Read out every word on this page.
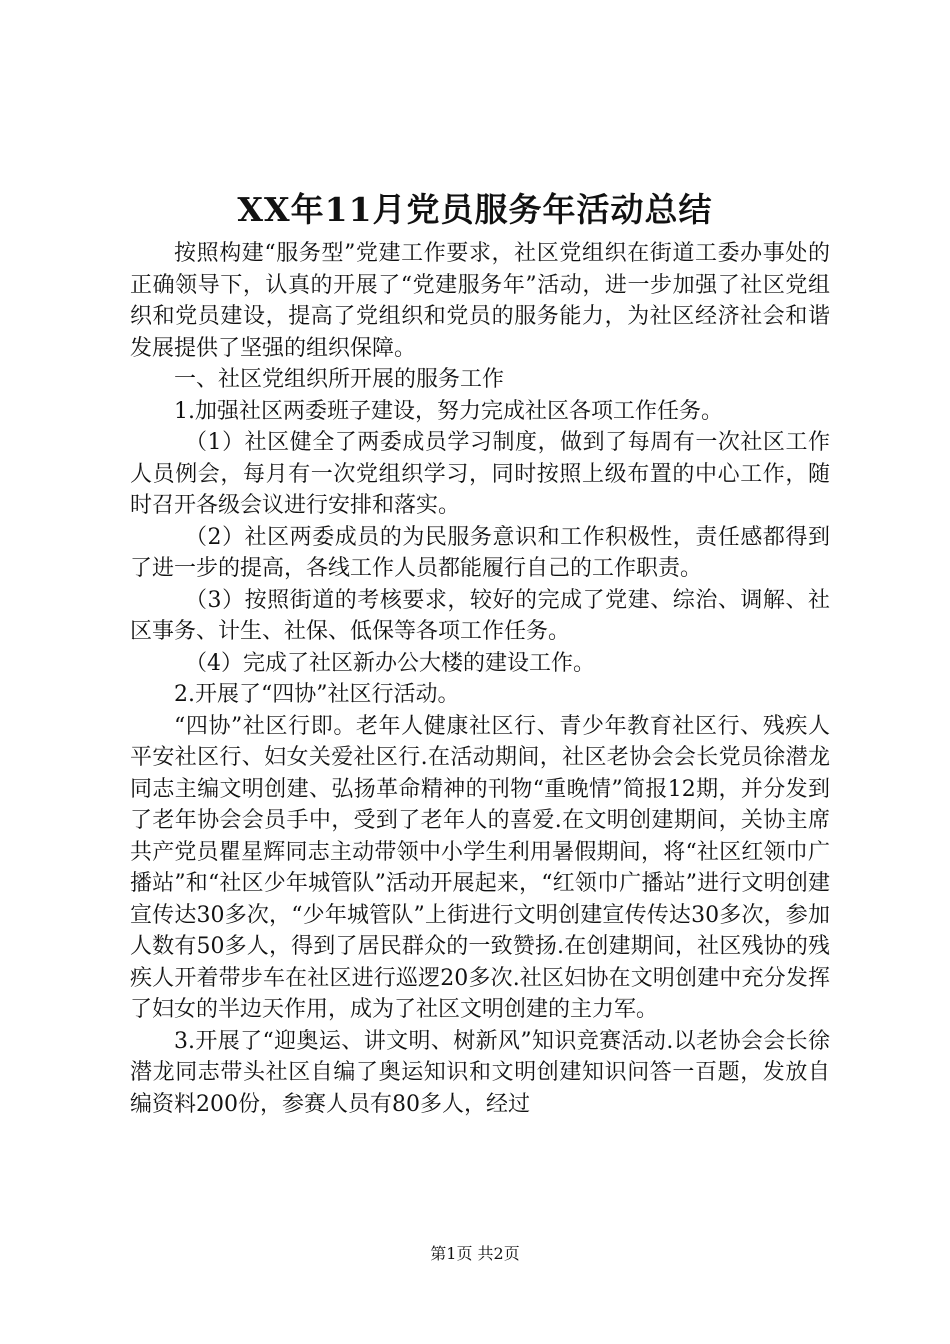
XX年11月党员服务年活动总结

按照构建“服务型”党建工作要求，社区党组织在街道工委办事处的正确领导下，认真的开展了“党建服务年”活动，进一步加强了社区党组织和党员建设，提高了党组织和党员的服务能力，为社区经济社会和谐发展提供了坚强的组织保障。

一、社区党组织所开展的服务工作

1.加强社区两委班子建设，努力完成社区各项工作任务。

（1）社区健全了两委成员学习制度，做到了每周有一次社区工作人员例会，每月有一次党组织学习，同时按照上级布置的中心工作，随时召开各级会议进行安排和落实。

（2）社区两委成员的为民服务意识和工作积极性，责任感都得到了进一步的提高，各线工作人员都能履行自己的工作职责。

（3）按照街道的考核要求，较好的完成了党建、综治、调解、社区事务、计生、社保、低保等各项工作任务。

（4）完成了社区新办公大楼的建设工作。

2.开展了“四协”社区行活动。

“四协”社区行即。老年人健康社区行、青少年教育社区行、残疾人平安社区行、妇女关爱社区行.在活动期间，社区老协会会长党员徐潜龙同志主编文明创建、弘扬革命精神的刊物“重晚情”简报12期，并分发到了老年协会会员手中，受到了老年人的喜爱.在文明创建期间，关协主席共产党员瞿星辉同志主动带领中小学生利用暑假期间，将“社区红领巾广播站”和“社区少年城管队”活动开展起来，“红领巾广播站”进行文明创建宣传达30多次，“少年城管队”上街进行文明创建宣传传达30多次，参加人数有50多人，得到了居民群众的一致赞扬.在创建期间，社区残协的残疾人开着带步车在社区进行巡逻20多次.社区妇协在文明创建中充分发挥了妇女的半边天作用，成为了社区文明创建的主力军。

3.开展了“迎奥运、讲文明、树新风”知识竞赛活动.以老协会会长徐潜龙同志带头社区自编了奥运知识和文明创建知识问答一百题，发放自编资料200份，参赛人员有80多人，经过

第1页 共2页
